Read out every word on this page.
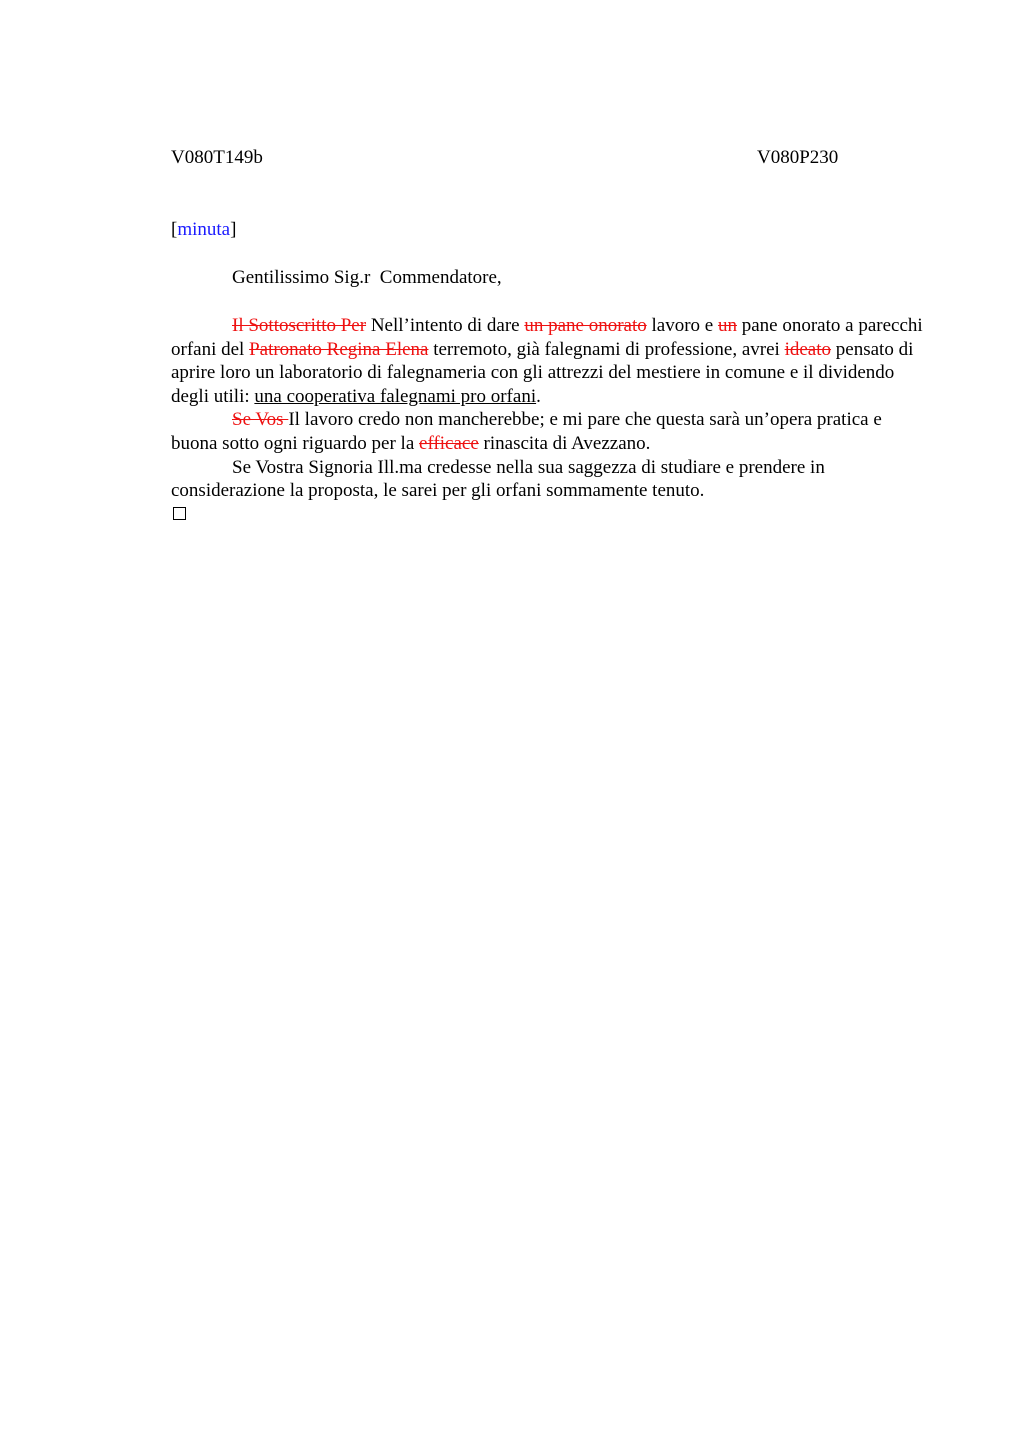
V080T149b	V080P230
[minuta]
Gentilissimo Sig.r  Commendatore,

Il Sottoscritto Per Nell’intento di dare un pane onorato lavoro e un pane onorato a parecchi orfani del Patronato Regina Elena terremoto, già falegnami di professione, avrei ideato pensato di aprire loro un laboratorio di falegnameria con gli attrezzi del mestiere in comune e il dividendo degli utili: una cooperativa falegnami pro orfani.

Se Vos Il lavoro credo non mancherebbe; e mi pare che questa sarà un’opera pratica e buona sotto ogni riguardo per la efficace rinascita di Avezzano.

Se Vostra Signoria Ill.ma credesse nella sua saggezza di studiare e prendere in considerazione la proposta, le sarei per gli orfani sommamente tenuto.
